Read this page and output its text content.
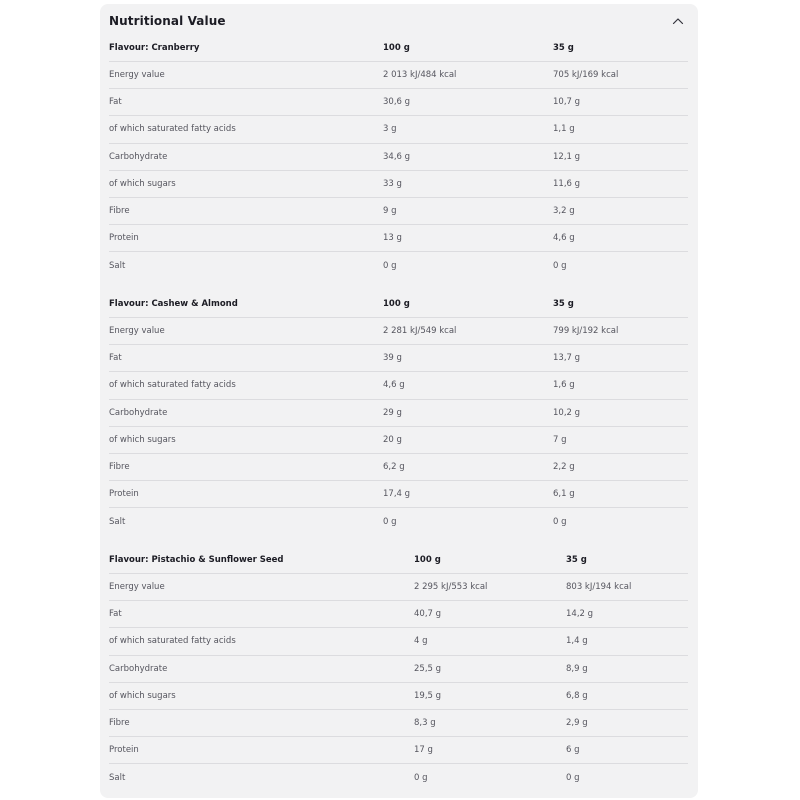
Nutritional Value
Flavour: Cranberry	100 g	35 g
Energy value	2 013 kJ/484 kcal	705 kJ/169 kcal
Fat	30,6 g	10,7 g
of which saturated fatty acids	3 g	1,1 g
Carbohydrate	34,6 g	12,1 g
of which sugars	33 g	11,6 g
Fibre	9 g	3,2 g
Protein	13 g	4,6 g
Salt	0 g	0 g
Flavour: Cashew & Almond	100 g	35 g
Energy value	2 281 kJ/549 kcal	799 kJ/192 kcal
Fat	39 g	13,7 g
of which saturated fatty acids	4,6 g	1,6 g
Carbohydrate	29 g	10,2 g
of which sugars	20 g	7 g
Fibre	6,2 g	2,2 g
Protein	17,4 g	6,1 g
Salt	0 g	0 g
Flavour: Pistachio & Sunflower Seed	100 g	35 g
Energy value	2 295 kJ/553 kcal	803 kJ/194 kcal
Fat	40,7 g	14,2 g
of which saturated fatty acids	4 g	1,4 g
Carbohydrate	25,5 g	8,9 g
of which sugars	19,5 g	6,8 g
Fibre	8,3 g	2,9 g
Protein	17 g	6 g
Salt	0 g	0 g
